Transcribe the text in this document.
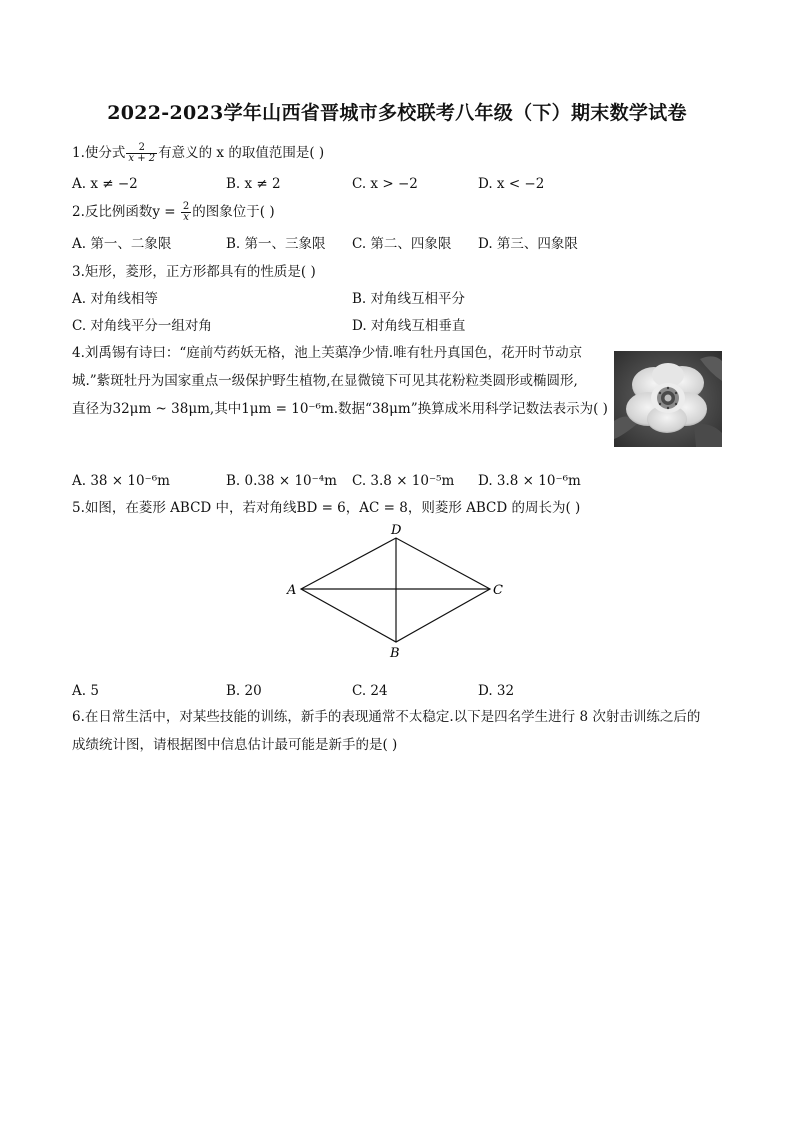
2022-2023学年山西省晋城市多校联考八年级（下）期末数学试卷
1.使分式 $\frac{2}{x + 2}$ 有意义的 x 的取值范围是( )
A. x ≠ −2	B. x ≠ 2	C. x > −2	D. x < −2
2.反比例函数$y = \frac{2}{x}$ 的图象位于( )
A. 第一、二象限	B. 第一、三象限 C. 第二、四象限 D. 第三、四象限
3.矩形，菱形，正方形都具有的性质是( )
A. 对角线相等	B. 对角线互相平分
C. 对角线平分一组对角	D. 对角线互相垂直
4.刘禹锡有诗曰：“庭前芍药妖无格，池上芙蕖净少情.唯有牡丹真国色，花开时节动京
城.”紫斑牡丹为国家重点一级保护野生植物,在显微镜下可见其花粉粒类圆形或椭圆形,
直径为32μm ~ 38μm,其中1μm = 10⁻⁶m.数据“38μm”换算成米用科学记数法表示为( )
A. 38 × 10⁻⁶m	B. 0.38 × 10⁻⁴m C. 3.8 × 10⁻⁵m D. 3.8 × 10⁻⁶m
5.如图，在菱形 ABCD 中，若对角线BD = 6，AC = 8，则菱形 ABCD 的周长为( )
D
A	C
B
A. 5	B. 20	C. 24	D. 32
6.在日常生活中，对某些技能的训练，新手的表现通常不太稳定.以下是四名学生进行 8 次射击训练之后的
成绩统计图，请根据图中信息估计最可能是新手的是( )
